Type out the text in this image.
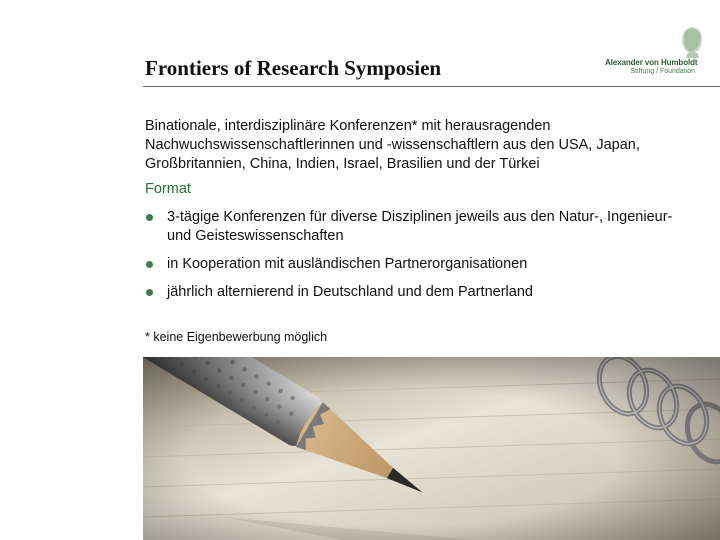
Frontiers of Research Symposien	Alexander von Humboldt
Stiftung / Foundation
Binationale, interdisziplinäre Konferenzen* mit herausragenden Nachwuchswissenschaftlerinnen und -wissenschaftlern aus den USA, Japan, Großbritannien, China, Indien, Israel, Brasilien und der Türkei
Format
3-tägige Konferenzen für diverse Disziplinen jeweils aus den Natur-, Ingenieur- und Geisteswissenschaften
in Kooperation mit ausländischen Partnerorganisationen
jährlich alternierend in Deutschland und dem Partnerland
* keine Eigenbewerbung möglich
